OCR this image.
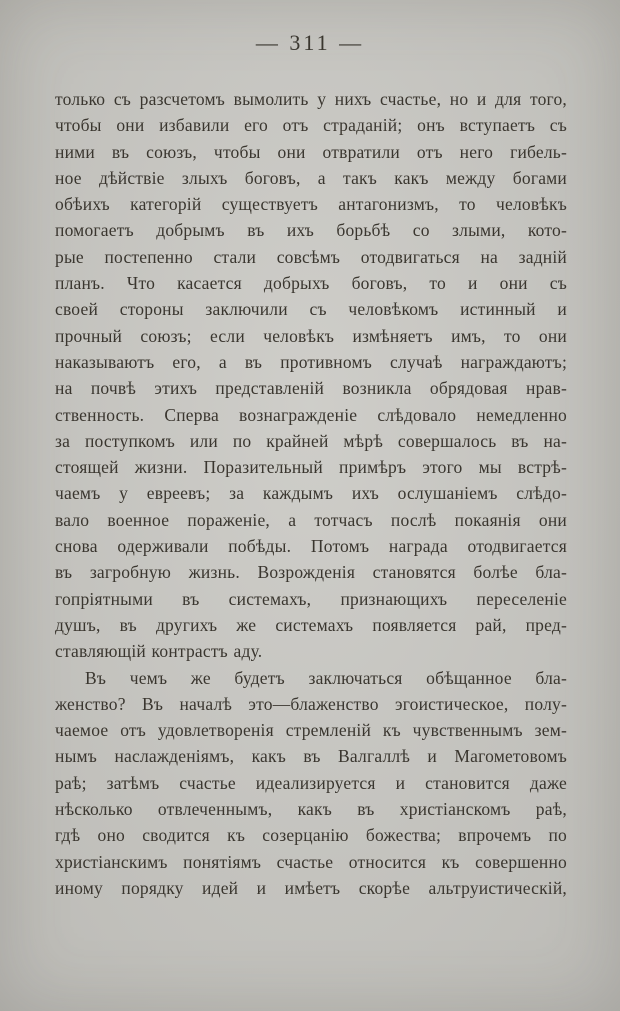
— 311 —
только съ разсчетомъ вымолить у нихъ счастье, но и для того,
чтобы они избавили его отъ страданій; онъ вступаетъ съ
ними въ союзъ, чтобы они отвратили отъ него гибель-
ное дѣйствіе злыхъ боговъ, а такъ какъ между богами
обѣихъ категорій существуетъ антагонизмъ, то человѣкъ
помогаетъ добрымъ въ ихъ борьбѣ со злыми, кото-
рые постепенно стали совсѣмъ отодвигаться на задній
планъ. Что касается добрыхъ боговъ, то и они съ
своей стороны заключили съ человѣкомъ истинный и
прочный союзъ; если человѣкъ измѣняетъ имъ, то они
наказываютъ его, а въ противномъ случаѣ награждаютъ;
на почвѣ этихъ представленій возникла обрядовая нрав-
ственность. Сперва вознагражденіе слѣдовало немедленно
за поступкомъ или по крайней мѣрѣ совершалось въ на-
стоящей жизни. Поразительный примѣръ этого мы встрѣ-
чаемъ у евреевъ; за каждымъ ихъ ослушаніемъ слѣдо-
вало военное пораженіе, а тотчасъ послѣ покаянія они
снова одерживали побѣды. Потомъ награда отодвигается
въ загробную жизнь. Возрожденія становятся болѣе бла-
гопріятными въ системахъ, признающихъ переселеніе
душъ, въ другихъ же системахъ появляется рай, пред-
ставляющій контрастъ аду.
Въ чемъ же будетъ заключаться обѣщанное бла-
женство? Въ началѣ это—блаженство эгоистическое, полу-
чаемое отъ удовлетворенія стремленій къ чувственнымъ зем-
нымъ наслажденіямъ, какъ въ Валгаллѣ и Магометовомъ
раѣ; затѣмъ счастье идеализируется и становится даже
нѣсколько отвлеченнымъ, какъ въ христіанскомъ раѣ,
гдѣ оно сводится къ созерцанію божества; впрочемъ по
христіанскимъ понятіямъ счастье относится къ совершенно
иному порядку идей и имѣетъ скорѣе альтруистическій,
